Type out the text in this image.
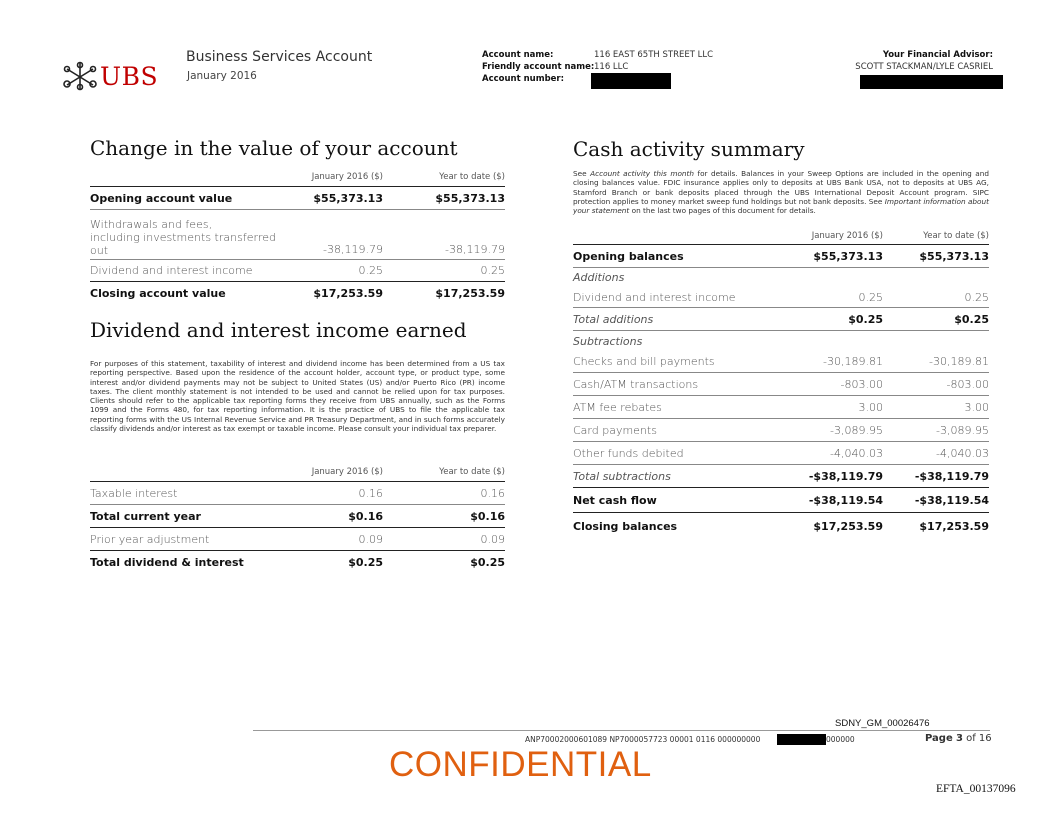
UBS
Business Services Account
January 2016
Account name:	116 EAST 65TH STREET LLC
Friendly account name: 116 LLC
Account number:
Your Financial Advisor:
SCOTT STACKMAN/LYLE CASRIEL
Change in the value of your account
January 2016 ($)	Year to date ($)
Opening account value	$55,373.13	$55,373.13
Withdrawals and fees,
including investments transferred
out	-38,119.79	-38,119.79
Dividend and interest income	0.25	0.25
Closing account value	$17,253.59	$17,253.59
Dividend and interest income earned
For purposes of this statement, taxability of interest and dividend income has been determined from a US tax reporting perspective. Based upon the residence of the account holder, account type, or product type, some interest and/or dividend payments may not be subject to United States (US) and/or Puerto Rico (PR) income taxes. The client monthly statement is not intended to be used and cannot be relied upon for tax purposes. Clients should refer to the applicable tax reporting forms they receive from UBS annually, such as the Forms 1099 and the Forms 480, for tax reporting information. It is the practice of UBS to file the applicable tax reporting forms with the US Internal Revenue Service and PR Treasury Department, and in such forms accurately classify dividends and/or interest as tax exempt or taxable income. Please consult your individual tax preparer.
January 2016 ($)	Year to date ($)
Taxable interest	0.16	0.16
Total current year	$0.16	$0.16
Prior year adjustment	0.09	0.09
Total dividend & interest	$0.25	$0.25
Cash activity summary
See Account activity this month for details. Balances in your Sweep Options are included in the opening and closing balances value. FDIC insurance applies only to deposits at UBS Bank USA, not to deposits at UBS AG, Stamford Branch or bank deposits placed through the UBS International Deposit Account program. SIPC protection applies to money market sweep fund holdings but not bank deposits. See Important information about your statement on the last two pages of this document for details.
January 2016 ($)	Year to date ($)
Opening balances	$55,373.13	$55,373.13
Additions
Dividend and interest income	0.25	0.25
Total additions	$0.25	$0.25
Subtractions
Checks and bill payments	-30,189.81	-30,189.81
Cash/ATM transactions	-803.00	-803.00
ATM fee rebates	3.00	3.00
Card payments	-3,089.95	-3,089.95
Other funds debited	-4,040.03	-4,040.03
Total subtractions	-$38,119.79	-$38,119.79
Net cash flow	-$38,119.54	-$38,119.54
Closing balances	$17,253.59	$17,253.59
SDNY_GM_00026476
ANP70002000601089 NP7000057723 00001 0116 000000000	000000	Page 3 of 16
CONFIDENTIAL
EFTA_00137096
